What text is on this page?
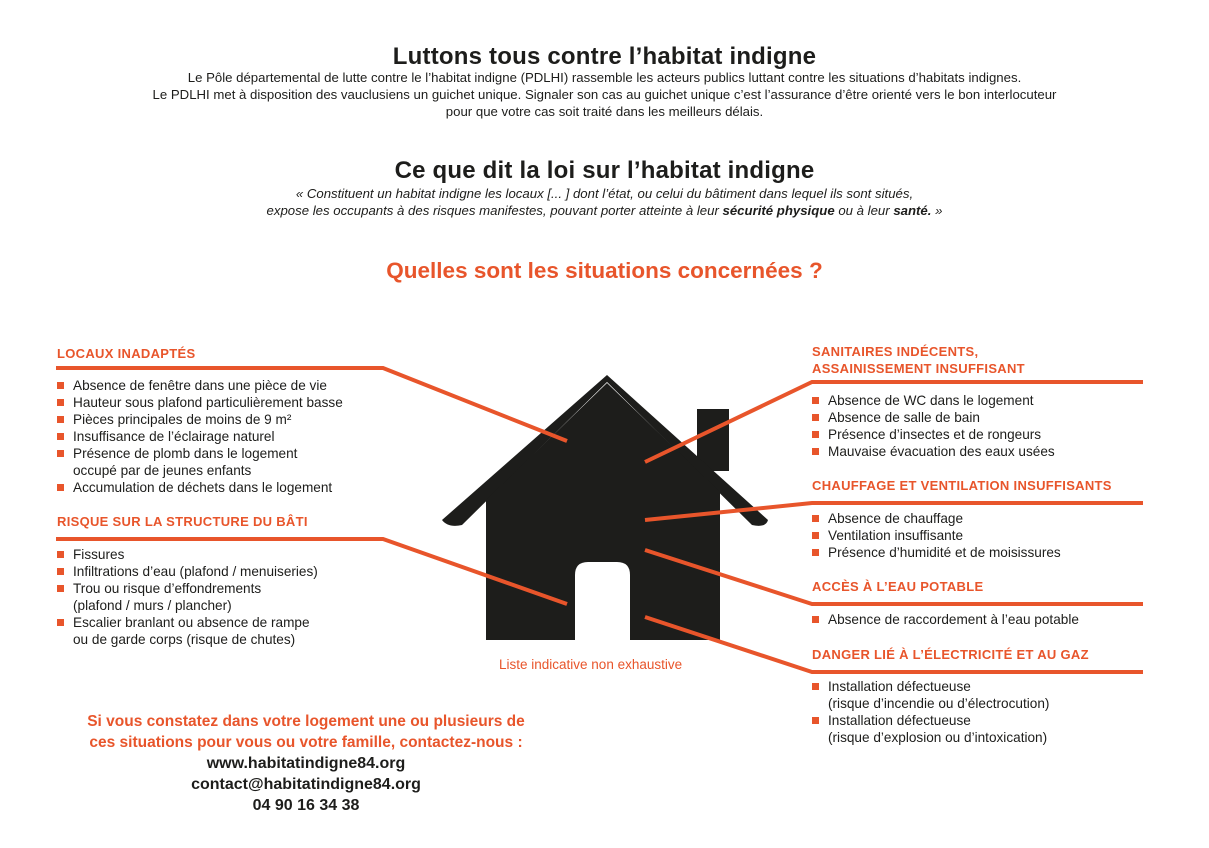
Luttons tous contre l’habitat indigne
Le Pôle départemental de lutte contre le l’habitat indigne (PDLHI) rassemble les acteurs publics luttant contre les situations d’habitats indignes.
Le PDLHI met à disposition des vauclusiens un guichet unique. Signaler son cas au guichet unique c’est l’assurance d’être orienté vers le bon interlocuteur
pour que votre cas soit traité dans les meilleurs délais.
Ce que dit la loi sur l’habitat indigne
« Constituent un habitat indigne les locaux [... ] dont l’état, ou celui du bâtiment dans lequel ils sont situés,
expose les occupants à des risques manifestes, pouvant porter atteinte à leur sécurité physique ou à leur santé. »
Quelles sont les situations concernées ?
Liste indicative non exhaustive
LOCAUX INADAPTÉS
Absence de fenêtre dans une pièce de vie
Hauteur sous plafond particulièrement basse
Pièces principales de moins de 9 m²
Insuffisance de l’éclairage naturel
Présence de plomb dans le logement
occupé par de jeunes enfants
Accumulation de déchets dans le logement
RISQUE SUR LA STRUCTURE DU BÂTI
Fissures
Infiltrations d’eau (plafond / menuiseries)
Trou ou risque d’effondrements
(plafond / murs / plancher)
Escalier branlant ou absence de rampe
ou de garde corps (risque de chutes)
SANITAIRES INDÉCENTS,
ASSAINISSEMENT INSUFFISANT
Absence de WC dans le logement
Absence de salle de bain
Présence d’insectes et de rongeurs
Mauvaise évacuation des eaux usées
CHAUFFAGE ET VENTILATION INSUFFISANTS
Absence de chauffage
Ventilation insuffisante
Présence d’humidité et de moisissures
ACCÈS À L’EAU POTABLE
Absence de raccordement à l’eau potable
DANGER LIÉ À L’ÉLECTRICITÉ ET AU GAZ
Installation défectueuse
(risque d’incendie ou d’électrocution)
Installation défectueuse
(risque d’explosion ou d’intoxication)
Si vous constatez dans votre logement une ou plusieurs de
ces situations pour vous ou votre famille, contactez-nous :
www.habitatindigne84.org
contact@habitatindigne84.org
04 90 16 34 38
